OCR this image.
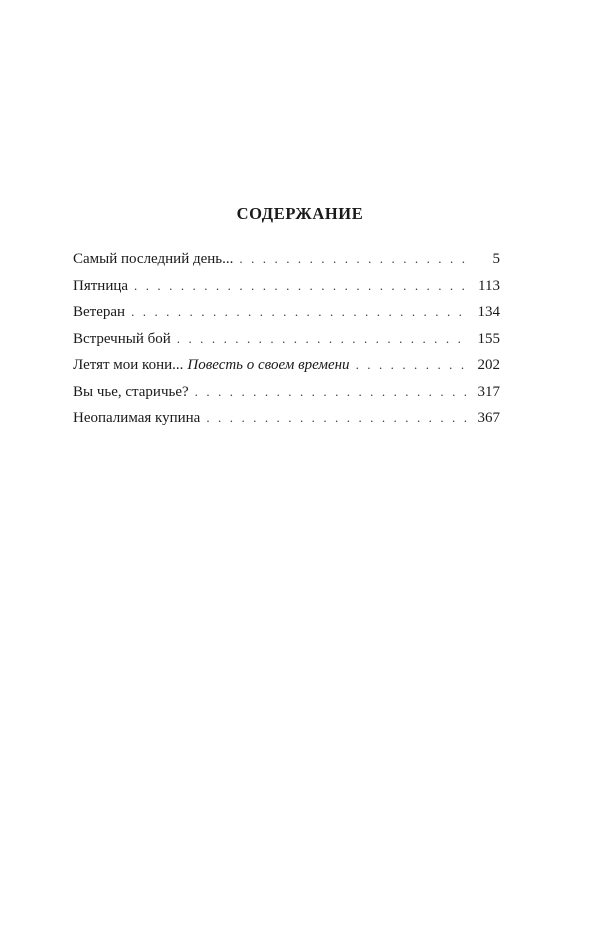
СОДЕРЖАНИЕ
Самый последний день... . . .	5
Пятница . . .	113
Ветеран . . .	134
Встречный бой . . .	155
Летят мои кони... Повесть о своем времени . . .	202
Вы чье, старичье? . . .	317
Неопалимая купина . . .	367
